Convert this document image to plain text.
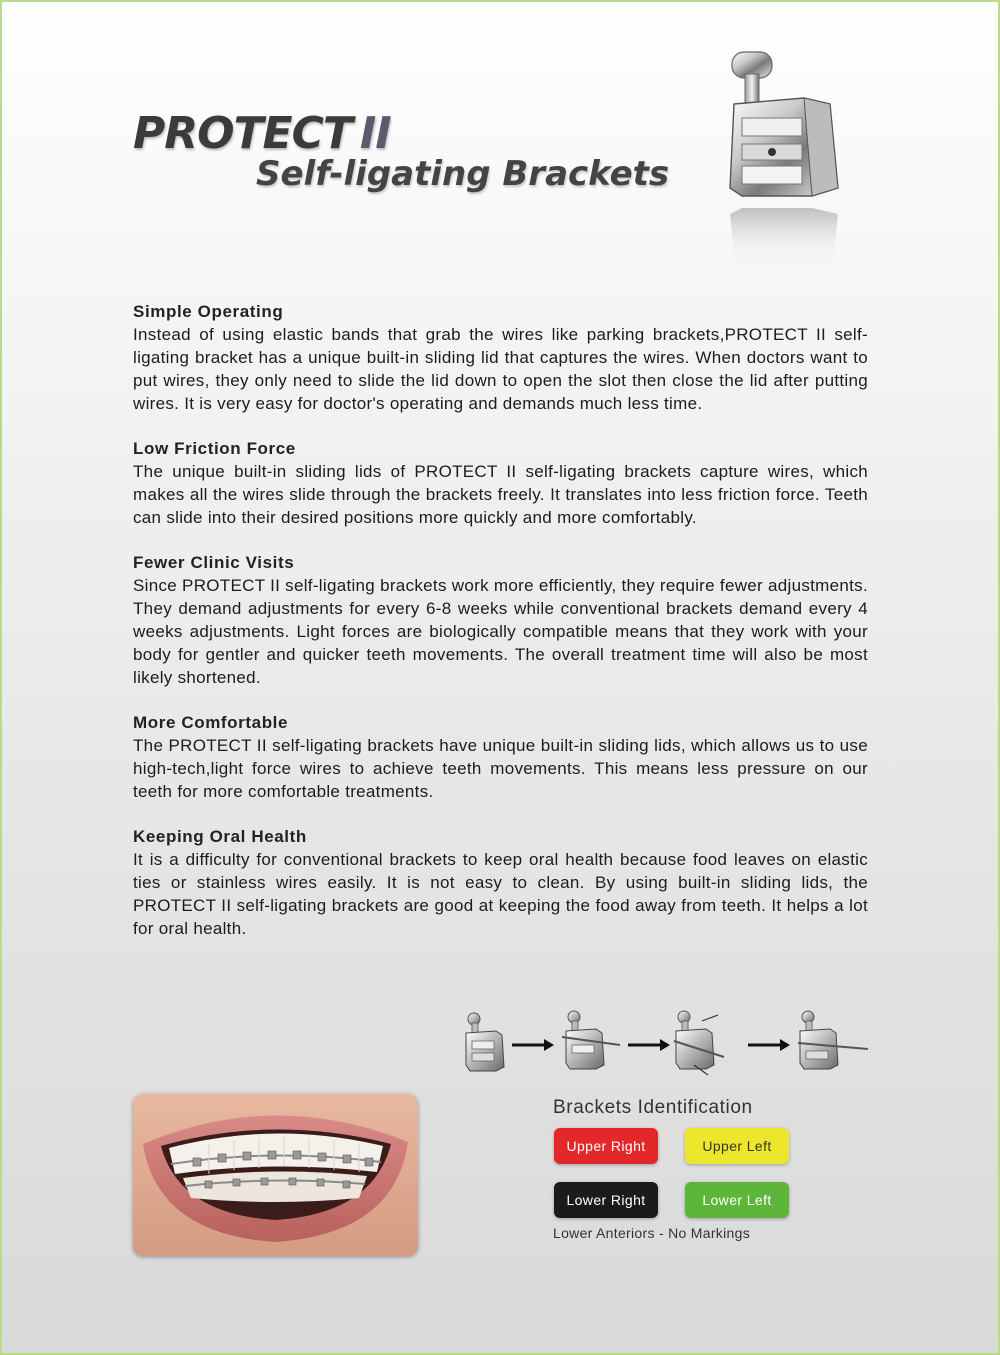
PROTECT II
Self-ligating Brackets
Simple Operating

Instead of using elastic bands that grab the wires like parking brackets,PROTECT II self-ligating bracket has a unique built-in sliding lid that captures the wires. When doctors want to put wires, they only need to slide the lid down to open the slot then close the lid after putting wires. It is very easy for doctor's operating and demands much less time.

Low Friction Force

The unique built-in sliding lids of PROTECT II self-ligating brackets capture wires, which makes all the wires slide through the brackets freely. It translates into less friction force. Teeth can slide into their desired positions more quickly and more comfortably.

Fewer Clinic Visits

Since PROTECT II self-ligating brackets work more efficiently, they require fewer adjustments. They demand adjustments for every 6-8 weeks while conventional brackets demand every 4 weeks adjustments. Light forces are biologically compatible means that they work with your body for gentler and quicker teeth movements. The overall treatment time will also be most likely shortened.

More Comfortable

The PROTECT II self-ligating brackets have unique built-in sliding lids, which allows us to use high-tech,light force wires to achieve teeth movements. This means less pressure on our teeth for more comfortable treatments.

Keeping Oral Health

It is a difficulty for conventional brackets to keep oral health because food leaves on elastic ties or stainless wires easily. It is not easy to clean. By using built-in sliding lids, the PROTECT II self-ligating brackets are good at keeping the food away from teeth. It helps a lot for oral health.

Brackets Identification
Upper Right	Upper Left
Lower Right	Lower Left
Lower Anteriors - No Markings
